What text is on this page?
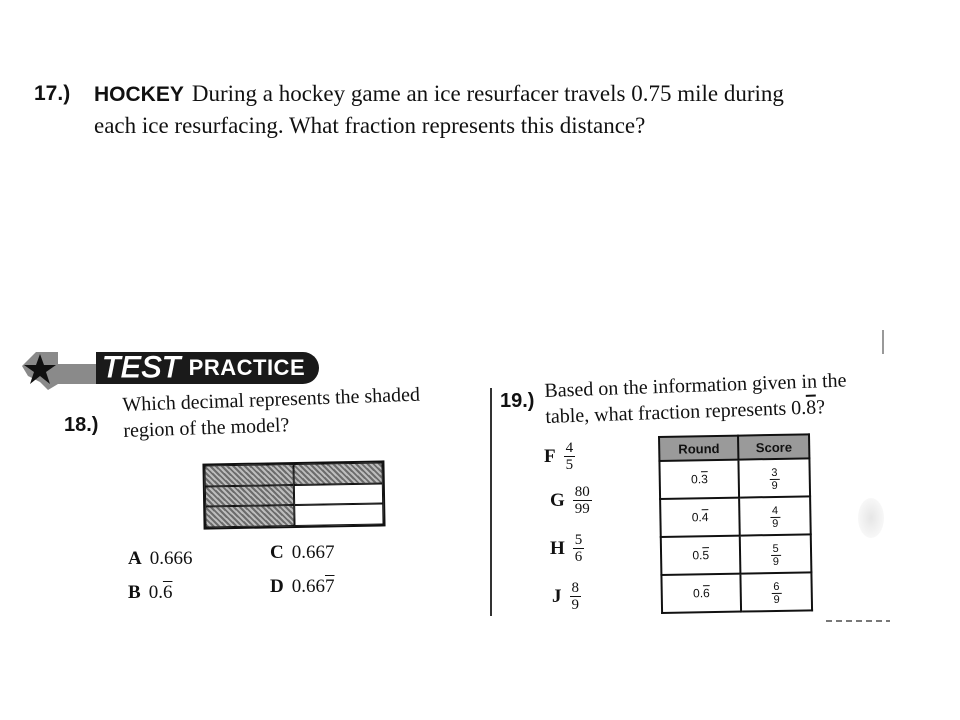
17.) HOCKEY During a hockey game an ice resurfacer travels 0.75 mile during
each ice resurfacing. What fraction represents this distance?
TEST PRACTICE
18.)
Which decimal represents the shaded
region of the model?
A 0.666
B 0.6
C 0.667
D 0.667
19.) Based on the information given in the
table, what fraction represents 0.8?
F $\frac{4}{5}$
G $\frac{80}{99}$
H $\frac{5}{6}$
J $\frac{8}{9}$
Round	Score
0.3	$\frac{3}{9}$

0.4	$\frac{4}{9}$

0.5	$\frac{5}{9}$

0.6	$\frac{6}{9}$
